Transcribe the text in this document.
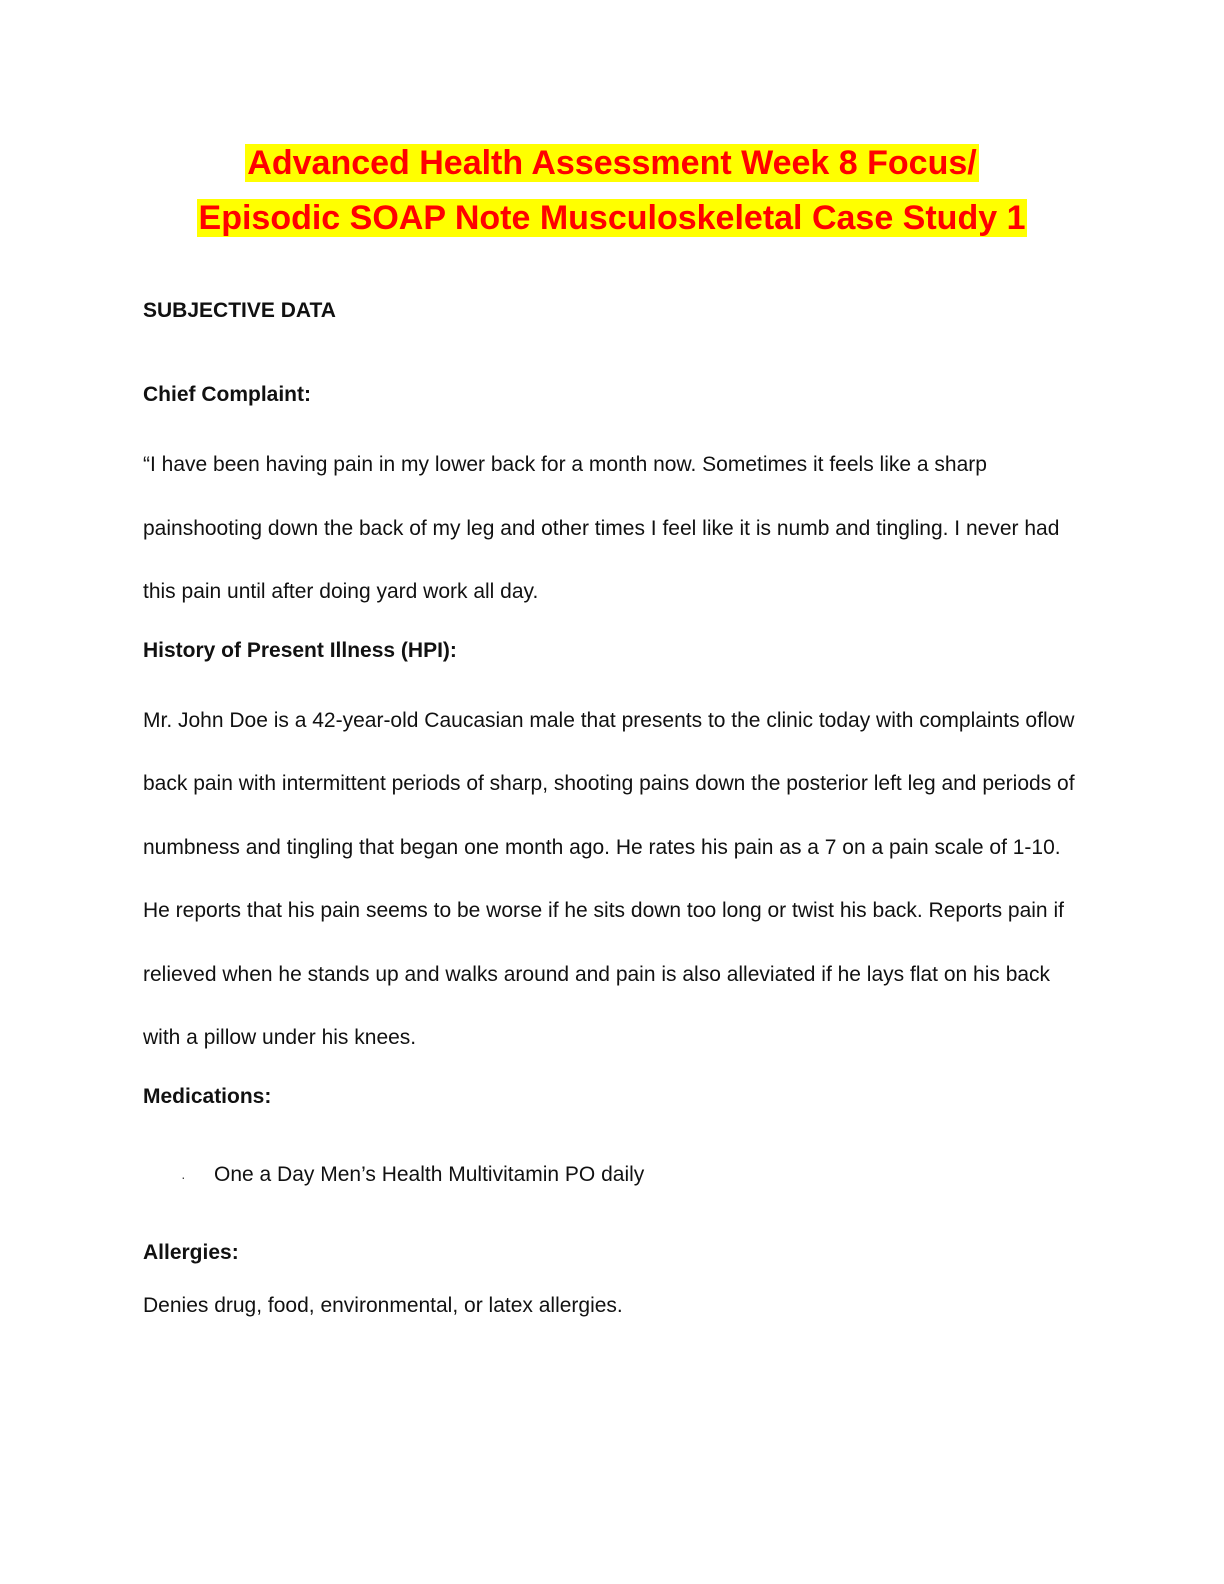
Advanced Health Assessment Week 8 Focus/
Episodic SOAP Note Musculoskeletal Case Study 1

SUBJECTIVE DATA

Chief Complaint:

“I have been having pain in my lower back for a month now. Sometimes it feels like a sharp painshooting down the back of my leg and other times I feel like it is numb and tingling. I never had this pain until after doing yard work all day.

History of Present Illness (HPI):

Mr. John Doe is a 42-year-old Caucasian male that presents to the clinic today with complaints oflow back pain with intermittent periods of sharp, shooting pains down the posterior left leg and periods of numbness and tingling that began one month ago. He rates his pain as a 7 on a pain scale of 1-10. He reports that his pain seems to be worse if he sits down too long or twist his back. Reports pain if relieved when he stands up and walks around and pain is also alleviated if he lays flat on his back with a pillow under his knees.

Medications:

· One a Day Men’s Health Multivitamin PO daily

Allergies:

Denies drug, food, environmental, or latex allergies.
